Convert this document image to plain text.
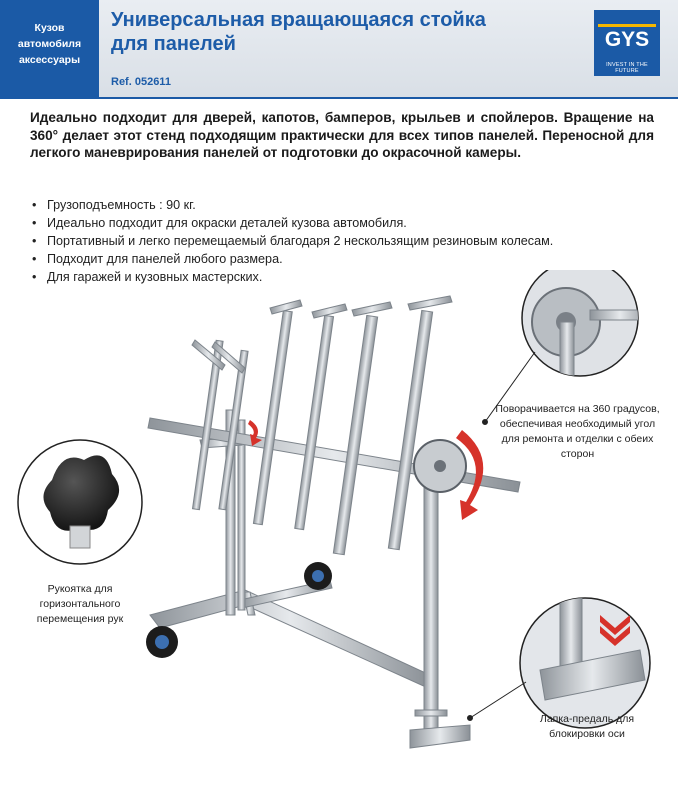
Кузов
автомобиля
аксессуары
Универсальная вращающаяся стойка
для панелей
Ref. 052611
GYS
INVEST IN THE FUTURE

Идеально подходит для дверей, капотов, бамперов, крыльев и спойлеров. Вращение на 360° делает этот стенд подходящим практически для всех типов панелей. Переносной для легкого маневрирования панелей от подготовки до окрасочной камеры.

• Грузоподъемность : 90 кг.
• Идеально подходит для окраски деталей кузова автомобиля.
• Портативный и легко перемещаемый благодаря 2 нескользящим резиновым колесам.
• Подходит для панелей любого размера.
• Для гаражей и кузовных мастерских.
Рукоятка для горизонтального перемещения рук
Поворачивается на 360 градусов, обеспечивая необходимый угол для ремонта и отделки с обеих сторон
Лапка-предаль для блокировки оси
